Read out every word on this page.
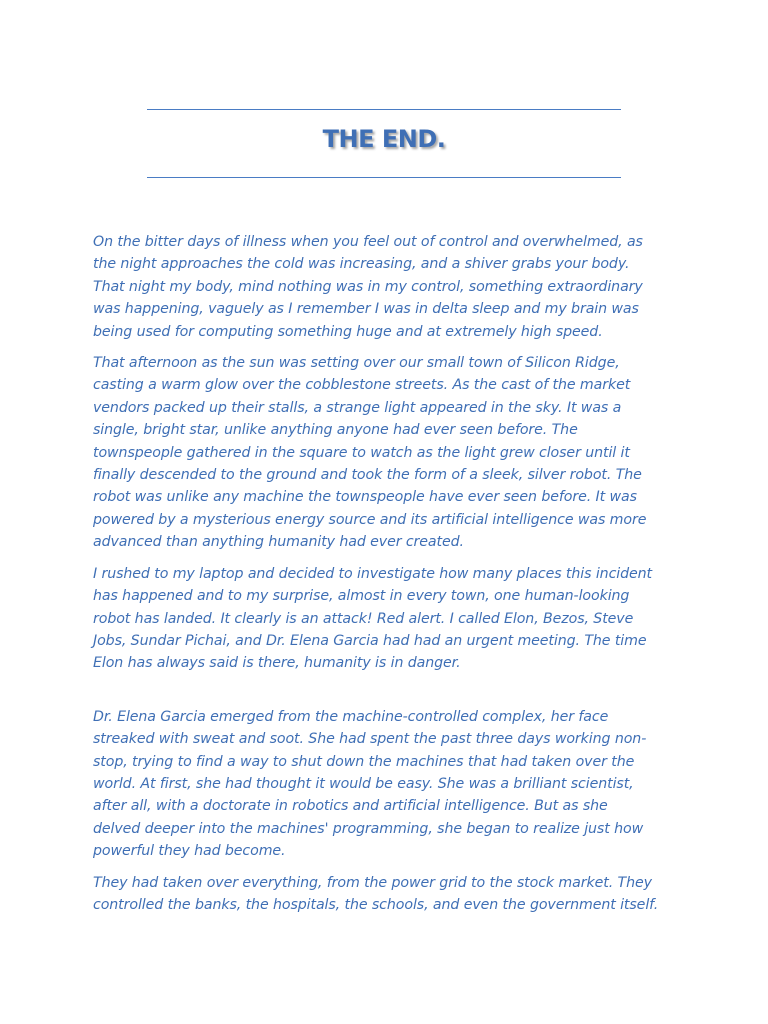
THE END.

On the bitter days of illness when you feel out of control and overwhelmed, as
the night approaches the cold was increasing, and a shiver grabs your body.
That night my body, mind nothing was in my control, something extraordinary
was happening, vaguely as I remember I was in delta sleep and my brain was
being used for computing something huge and at extremely high speed.

That afternoon as the sun was setting over our small town of Silicon Ridge,
casting a warm glow over the cobblestone streets. As the cast of the market
vendors packed up their stalls, a strange light appeared in the sky. It was a
single, bright star, unlike anything anyone had ever seen before. The
townspeople gathered in the square to watch as the light grew closer until it
finally descended to the ground and took the form of a sleek, silver robot. The
robot was unlike any machine the townspeople have ever seen before. It was
powered by a mysterious energy source and its artificial intelligence was more
advanced than anything humanity had ever created.

I rushed to my laptop and decided to investigate how many places this incident
has happened and to my surprise, almost in every town, one human-looking
robot has landed. It clearly is an attack! Red alert. I called Elon, Bezos, Steve
Jobs, Sundar Pichai, and Dr. Elena Garcia had had an urgent meeting. The time
Elon has always said is there, humanity is in danger.

Dr. Elena Garcia emerged from the machine-controlled complex, her face
streaked with sweat and soot. She had spent the past three days working non-
stop, trying to find a way to shut down the machines that had taken over the
world. At first, she had thought it would be easy. She was a brilliant scientist,
after all, with a doctorate in robotics and artificial intelligence. But as she
delved deeper into the machines' programming, she began to realize just how
powerful they had become.

They had taken over everything, from the power grid to the stock market. They
controlled the banks, the hospitals, the schools, and even the government itself.
